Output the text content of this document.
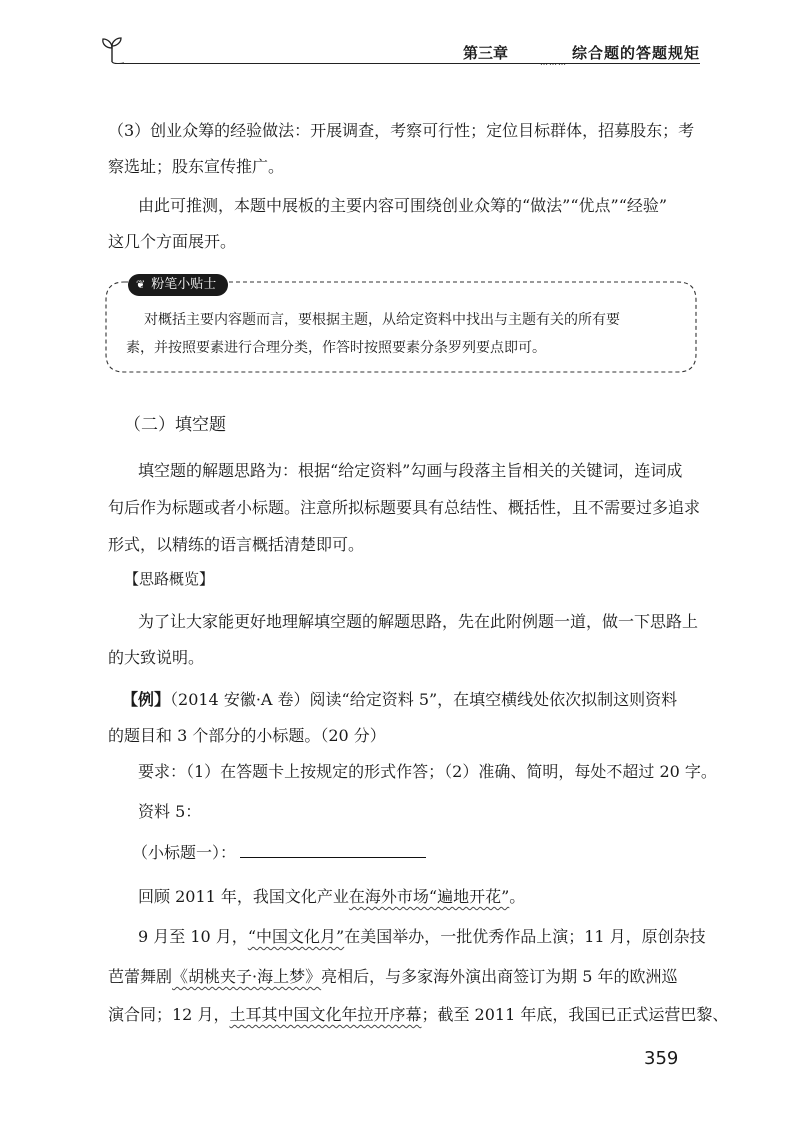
………
第三章	综合题的答题规矩
（3）创业众筹的经验做法：开展调查，考察可行性；定位目标群体，招募股东；考
察选址；股东宣传推广。
由此可推测，本题中展板的主要内容可围绕创业众筹的“做法”“优点”“经验”
这几个方面展开。
❦ 粉笔小贴士
对概括主要内容题而言，要根据主题，从给定资料中找出与主题有关的所有要
素，并按照要素进行合理分类，作答时按照要素分条罗列要点即可。
（二）填空题
填空题的解题思路为：根据“给定资料”勾画与段落主旨相关的关键词，连词成
句后作为标题或者小标题。注意所拟标题要具有总结性、概括性，且不需要过多追求
形式，以精练的语言概括清楚即可。
【思路概览】
为了让大家能更好地理解填空题的解题思路，先在此附例题一道，做一下思路上
的大致说明。
【例】（2014 安徽·A 卷）阅读“给定资料 5”，在填空横线处依次拟制这则资料
的题目和 3 个部分的小标题。（20 分）
要求：（1）在答题卡上按规定的形式作答；（2）准确、简明，每处不超过 20 字。
资料 5：
（小标题一）：
回顾 2011 年，我国文化产业在海外市场“遍地开花”。
9 月至 10 月，“中国文化月”在美国举办，一批优秀作品上演；11 月，原创杂技
芭蕾舞剧《胡桃夹子·海上梦》亮相后，与多家海外演出商签订为期 5 年的欧洲巡
演合同；12 月，土耳其中国文化年拉开序幕；截至 2011 年底，我国已正式运营巴黎、
359
